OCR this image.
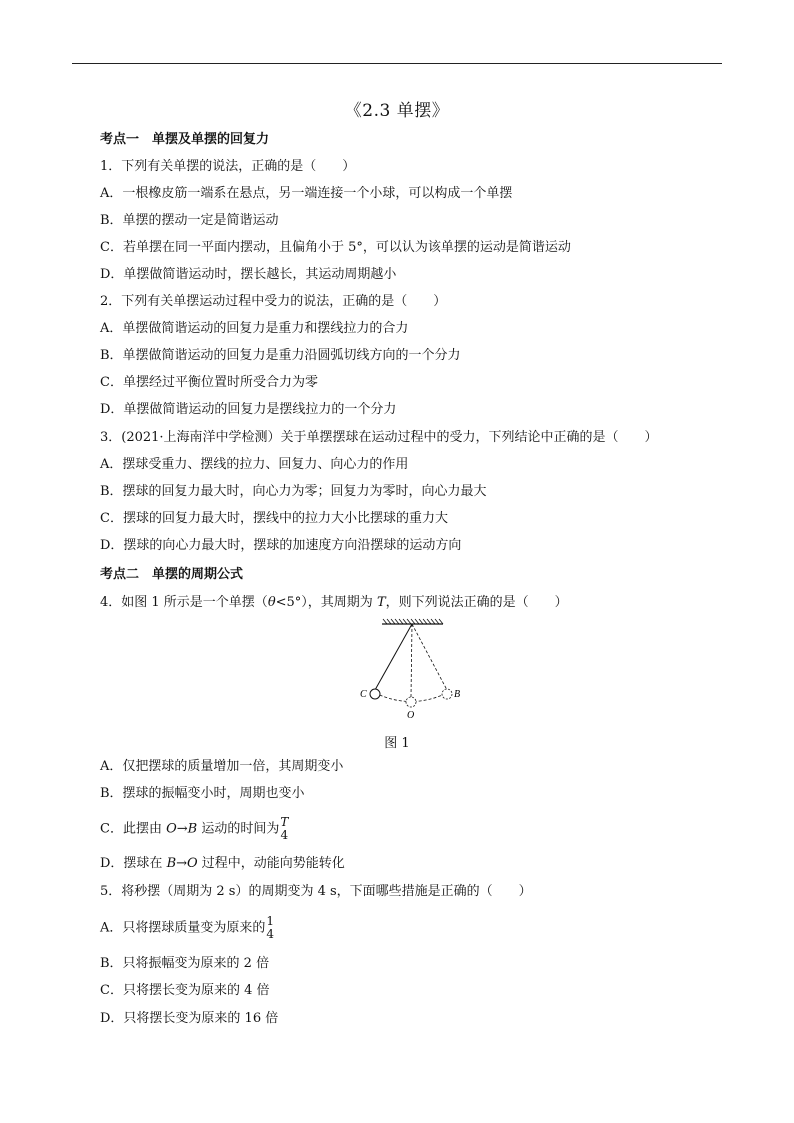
《2.3 单摆》
考点一　单摆及单摆的回复力
1．下列有关单摆的说法，正确的是（　　）
A．一根橡皮筋一端系在悬点，另一端连接一个小球，可以构成一个单摆
B．单摆的摆动一定是简谐运动
C．若单摆在同一平面内摆动，且偏角小于 5°，可以认为该单摆的运动是简谐运动
D．单摆做简谐运动时，摆长越长，其运动周期越小
2．下列有关单摆运动过程中受力的说法，正确的是（　　）
A．单摆做简谐运动的回复力是重力和摆线拉力的合力
B．单摆做简谐运动的回复力是重力沿圆弧切线方向的一个分力
C．单摆经过平衡位置时所受合力为零
D．单摆做简谐运动的回复力是摆线拉力的一个分力
3．(2021·上海南洋中学检测）关于单摆摆球在运动过程中的受力，下列结论中正确的是（　　）
A．摆球受重力、摆线的拉力、回复力、向心力的作用
B．摆球的回复力最大时，向心力为零；回复力为零时，向心力最大
C．摆球的回复力最大时，摆线中的拉力大小比摆球的重力大
D．摆球的向心力最大时，摆球的加速度方向沿摆球的运动方向
考点二　单摆的周期公式
4．如图 1 所示是一个单摆（θ<5°），其周期为 T，则下列说法正确的是（　　）
C
O
B
图 1
A．仅把摆球的质量增加一倍，其周期变小
B．摆球的振幅变小时，周期也变小
C．此摆由 O→B 运动的时间为 T
4
D．摆球在 B→O 过程中，动能向势能转化
5．将秒摆（周期为 2 s）的周期变为 4 s，下面哪些措施是正确的（　　）
A．只将摆球质量变为原来的 1
4
B．只将振幅变为原来的 2 倍
C．只将摆长变为原来的 4 倍
D．只将摆长变为原来的 16 倍
